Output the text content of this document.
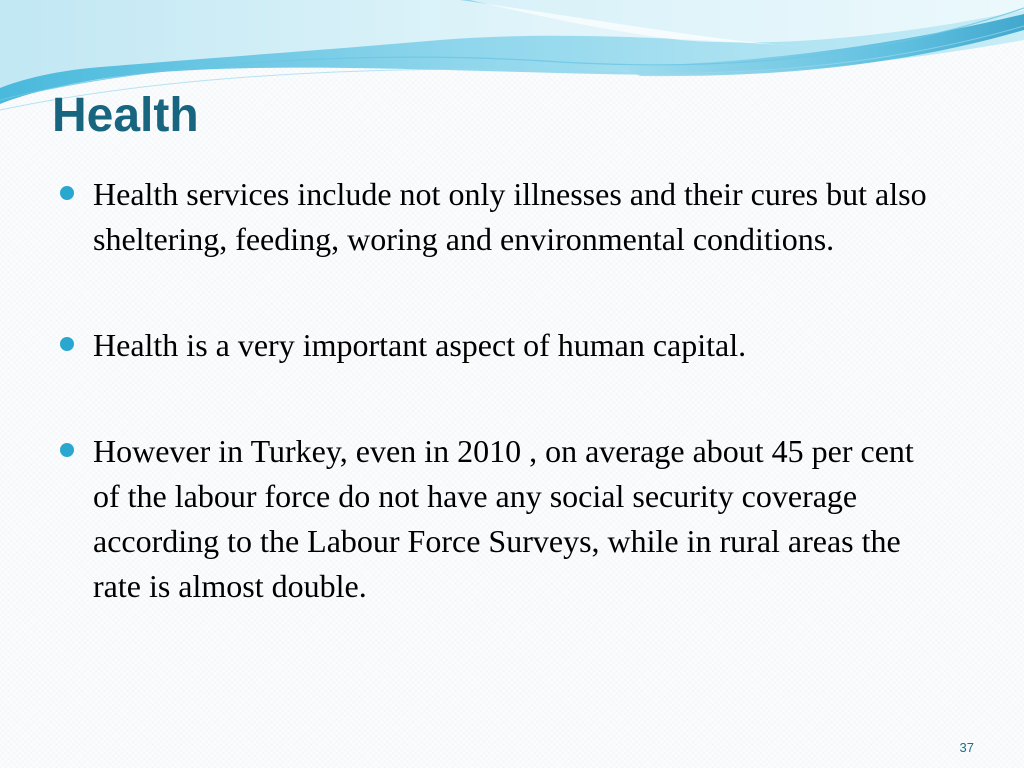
Health
Health services include not only illnesses and their cures but also sheltering, feeding, woring and environmental conditions.
Health is a very important aspect of human capital.
However in Turkey, even in 2010 , on average about 45 per cent of the labour force do not have any social security coverage according to the Labour Force Surveys, while in rural areas the rate is almost double.
37
